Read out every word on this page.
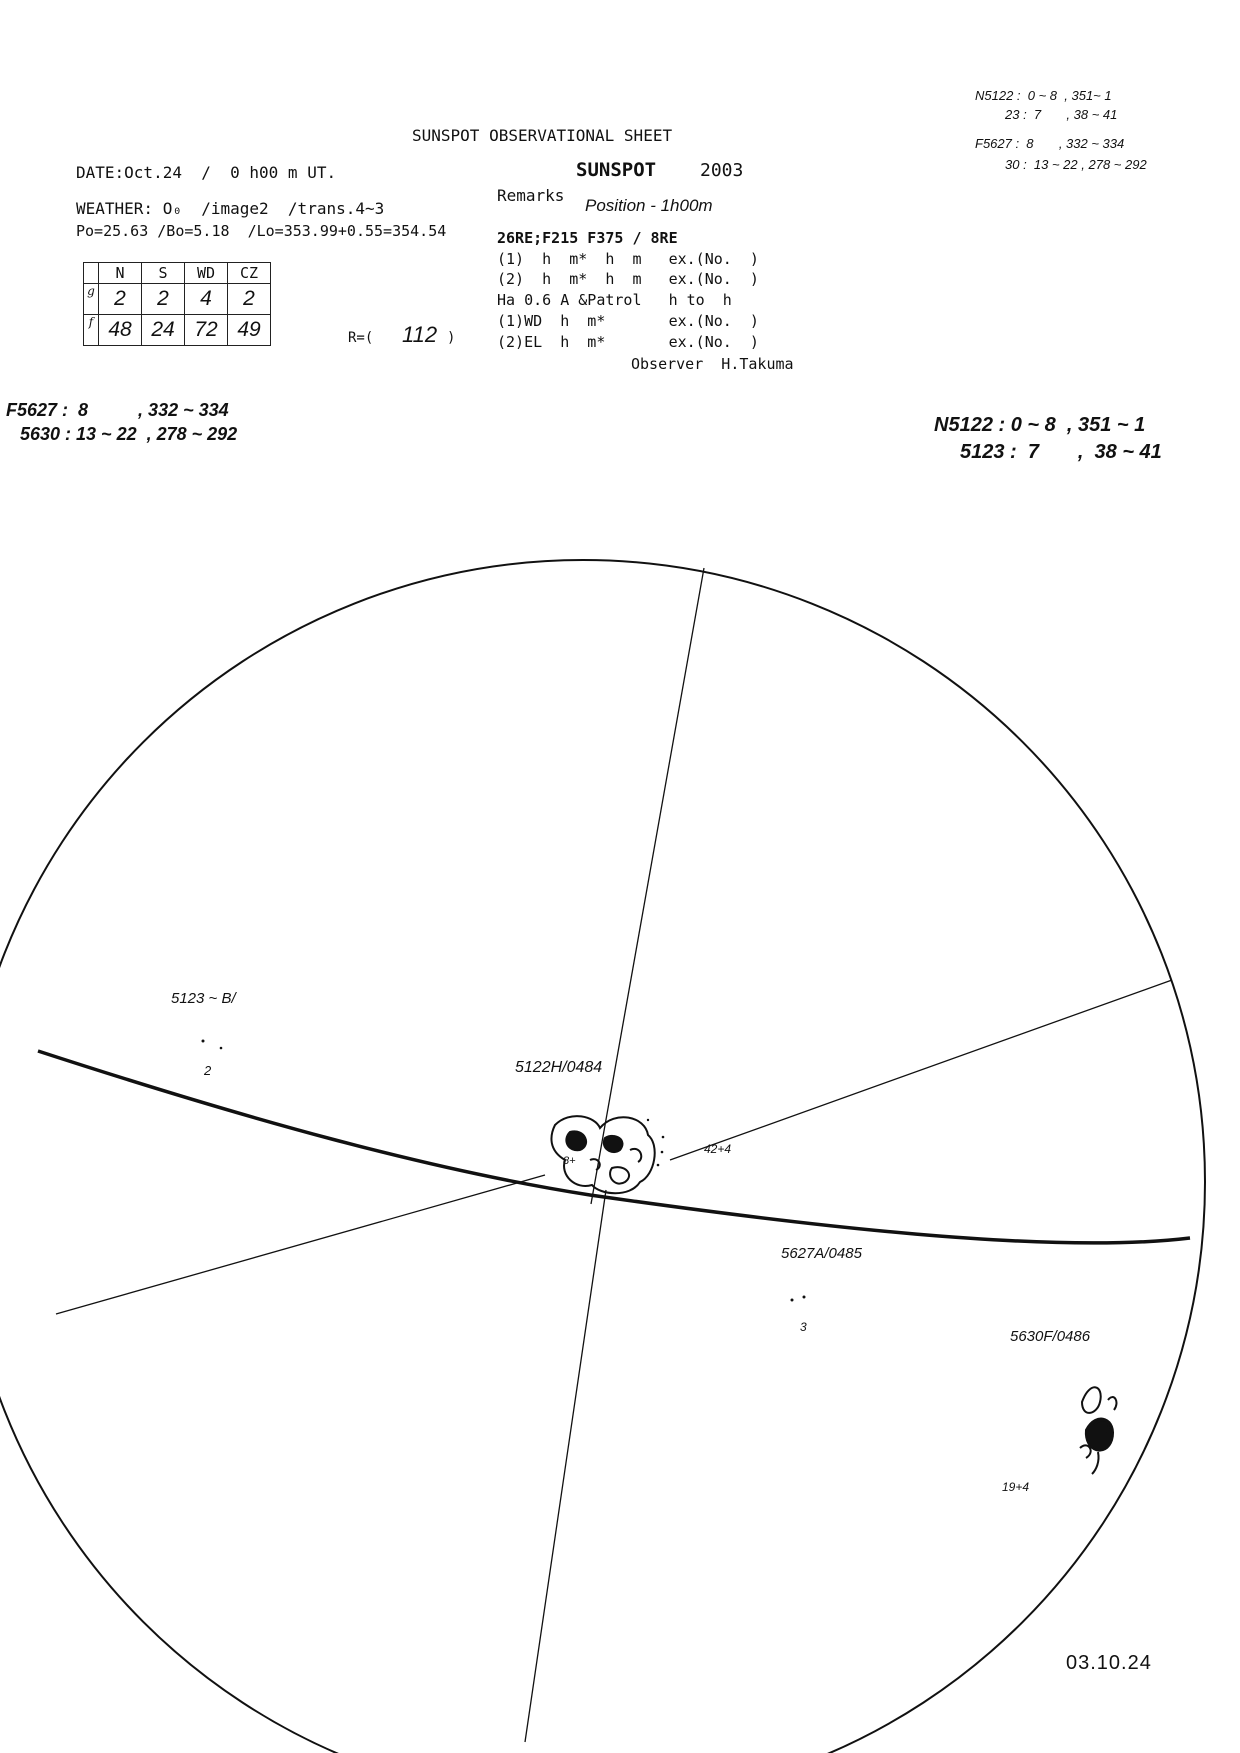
SUNSPOT OBSERVATIONAL SHEET
SUNSPOT 2003
DATE:Oct.24  /  0 h00 m UT.
WEATHER: O₀  /image2  /trans.4~3
Po=25.63 /Bo=5.18  /Lo=353.99+0.55=354.54
	N	S	WD	CZ
g	2	2	4	2
f	48	24	72	49	R=( 112 )
Remarks
Position - 1h00m
26RE;F215 F375 / 8RE
(1)  h  m*  h  m   ex.(No.  )
(2)  h  m*  h  m   ex.(No.  )
Ha 0.6 A &Patrol   h to  h
(1)WD  h  m*       ex.(No.  )
(2)EL  h  m*       ex.(No.  )
Observer  H.Takuma
N5122 :  0 ~ 8  , 351~ 1
23 :  7       , 38 ~ 41
F5627 :  8       , 332 ~ 334
30 :  13 ~ 22 , 278 ~ 292
F5627 :  8          , 332 ~ 334
5630 : 13 ~ 22  , 278 ~ 292	N5122 : 0 ~ 8  , 351 ~ 1
5123 :  7       ,  38 ~ 41
5123 ~ B/
2	5122H/0484
42+4
8+
5627A/0485
3
5630F/0486
19+4
03.10.24
